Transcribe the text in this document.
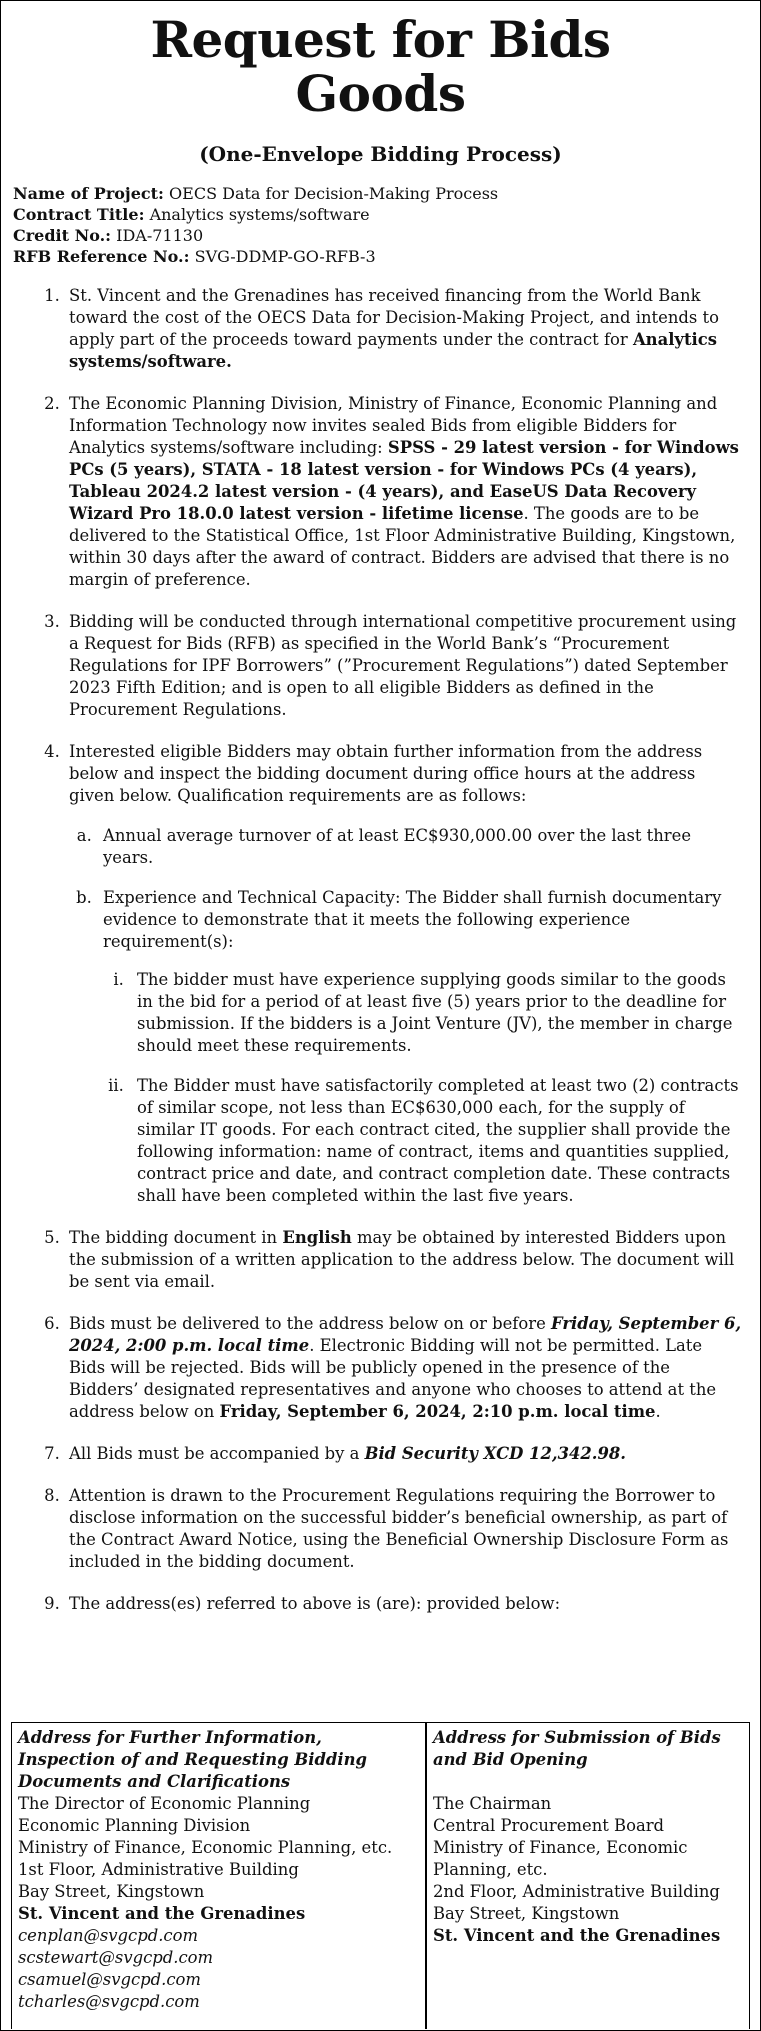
Request for Bids
Goods
(One-Envelope Bidding Process)
Name of Project: OECS Data for Decision-Making Process
Contract Title: Analytics systems/software
Credit No.: IDA-71130
RFB Reference No.: SVG-DDMP-GO-RFB-3
1. St. Vincent and the Grenadines has received financing from the World Bank toward the cost of the OECS Data for Decision-Making Project, and intends to apply part of the proceeds toward payments under the contract for Analytics systems/software.
2. The Economic Planning Division, Ministry of Finance, Economic Planning and Information Technology now invites sealed Bids from eligible Bidders for Analytics systems/software including: SPSS - 29 latest version - for Windows PCs (5 years), STATA - 18 latest version - for Windows PCs (4 years), Tableau 2024.2 latest version - (4 years), and EaseUS Data Recovery Wizard Pro 18.0.0 latest version - lifetime license. The goods are to be delivered to the Statistical Office, 1st Floor Administrative Building, Kingstown, within 30 days after the award of contract. Bidders are advised that there is no margin of preference.
3. Bidding will be conducted through international competitive procurement using a Request for Bids (RFB) as specified in the World Bank’s “Procurement Regulations for IPF Borrowers” (”Procurement Regulations”) dated September 2023 Fifth Edition; and is open to all eligible Bidders as defined in the Procurement Regulations.
4. Interested eligible Bidders may obtain further information from the address below and inspect the bidding document during office hours at the address given below. Qualification requirements are as follows:
a. Annual average turnover of at least EC$930,000.00 over the last three years.
b. Experience and Technical Capacity: The Bidder shall furnish documentary evidence to demonstrate that it meets the following experience requirement(s):
i. The bidder must have experience supplying goods similar to the goods in the bid for a period of at least five (5) years prior to the deadline for submission. If the bidders is a Joint Venture (JV), the member in charge should meet these requirements.
ii. The Bidder must have satisfactorily completed at least two (2) contracts of similar scope, not less than EC$630,000 each, for the supply of similar IT goods. For each contract cited, the supplier shall provide the following information: name of contract, items and quantities supplied, contract price and date, and contract completion date. These contracts shall have been completed within the last five years.
5. The bidding document in English may be obtained by interested Bidders upon the submission of a written application to the address below. The document will be sent via email.
6. Bids must be delivered to the address below on or before Friday, September 6, 2024, 2:00 p.m. local time. Electronic Bidding will not be permitted. Late Bids will be rejected. Bids will be publicly opened in the presence of the Bidders’ designated representatives and anyone who chooses to attend at the address below on Friday, September 6, 2024, 2:10 p.m. local time.
7. All Bids must be accompanied by a Bid Security XCD 12,342.98.
8. Attention is drawn to the Procurement Regulations requiring the Borrower to disclose information on the successful bidder’s beneficial ownership, as part of the Contract Award Notice, using the Beneficial Ownership Disclosure Form as included in the bidding document.
9. The address(es) referred to above is (are): provided below:
Address for Further Information, Inspection of and Requesting Bidding Documents and Clarifications
The Director of Economic Planning
Economic Planning Division
Ministry of Finance, Economic Planning, etc.
1st Floor, Administrative Building
Bay Street, Kingstown
St. Vincent and the Grenadines
cenplan@svgcpd.com
scstewart@svgcpd.com
csamuel@svgcpd.com
tcharles@svgcpd.com
Address for Submission of Bids and Bid Opening
The Chairman
Central Procurement Board
Ministry of Finance, Economic Planning, etc.
2nd Floor, Administrative Building
Bay Street, Kingstown
St. Vincent and the Grenadines
